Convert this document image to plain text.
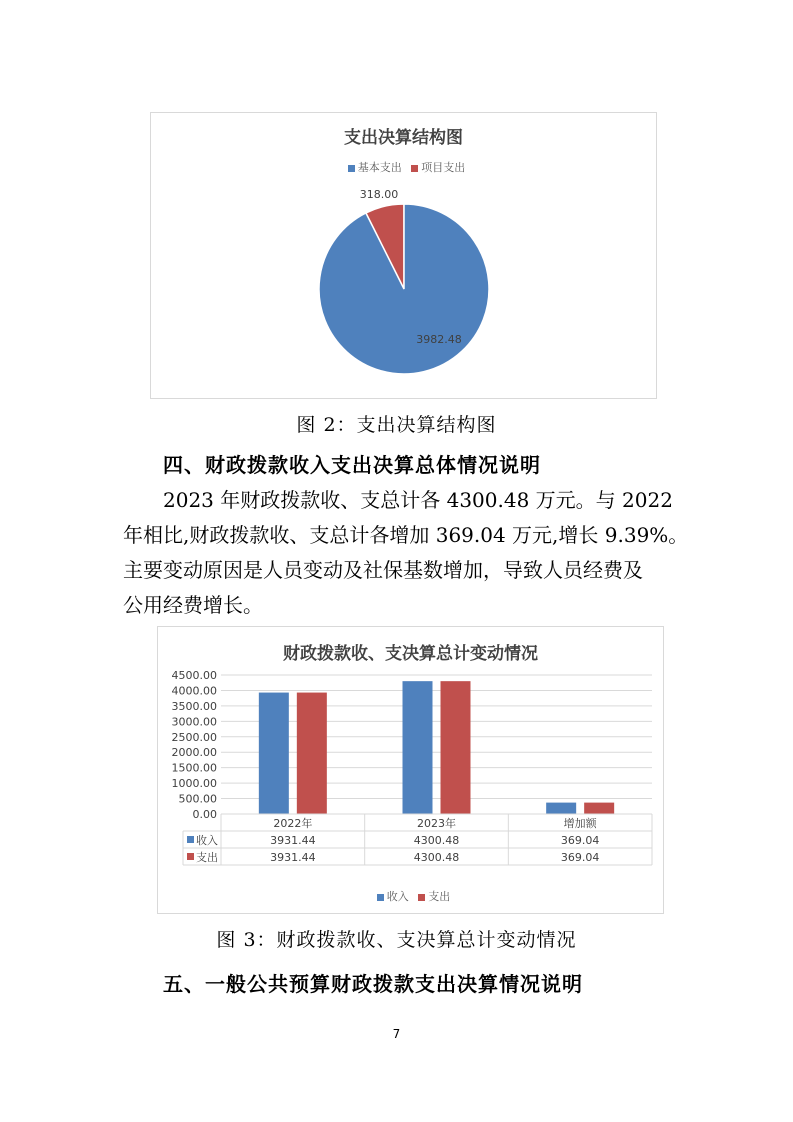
支出决算结构图
基本支出 项目支出
318.00
3982.48
图 2：支出决算结构图
四、财政拨款收入支出决算总体情况说明

2023 年财政拨款收、支总计各 4300.48 万元。与 2022
年相比,财政拨款收、支总计各增加 369.04 万元,增长 9.39%。
主要变动原因是人员变动及社保基数增加，导致人员经费及
公用经费增长。

财政拨款收、支决算总计变动情况
0.00
500.00
1000.00
1500.00
2000.00
2500.00
3000.00
3500.00
4000.00
4500.00
2022年	2023年	增加额
收入	3931.44	4300.48	369.04
支出	3931.44	4300.48	369.04
收入 支出
图 3：财政拨款收、支决算总计变动情况
五、一般公共预算财政拨款支出决算情况说明
7
